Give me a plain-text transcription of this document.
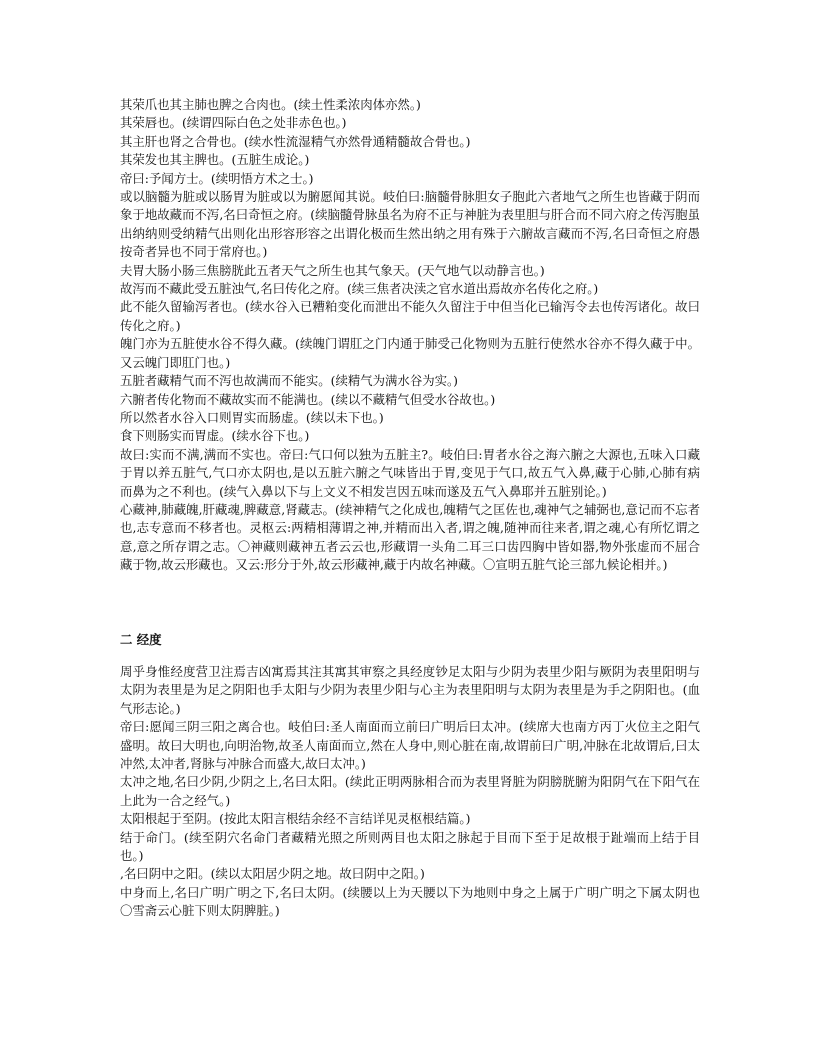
其荣爪也其主肺也脾之合肉也。(续土性柔浓肉体亦然。)

其荣唇也。(续谓四际白色之处非赤色也。)

其主肝也肾之合骨也。(续水性流湿精气亦然骨通精髓故合骨也。)

其荣发也其主脾也。(五脏生成论。)

帝曰:予闻方士。(续明悟方术之士。)

或以脑髓为脏或以肠胃为脏或以为腑愿闻其说。岐伯曰:脑髓骨脉胆女子胞此六者地气之所生也皆藏于阴而象于地故藏而不泻,名曰奇恒之府。(续脑髓骨脉虽名为府不正与神脏为表里胆与肝合而不同六府之传泻胞虽出纳纳则受纳精气出则化出形容形容之出谓化极而生然出纳之用有殊于六腑故言藏而不泻,名曰奇恒之府愚按奇者异也不同于常府也。)

夫胃大肠小肠三焦膀胱此五者天气之所生也其气象天。(天气地气以动静言也。)

故泻而不藏此受五脏浊气,名曰传化之府。(续三焦者决渎之官水道出焉故亦名传化之府。)

此不能久留输泻者也。(续水谷入已糟粕变化而泄出不能久久留注于中但当化已输泻令去也传泻诸化。故曰传化之府。)

魄门亦为五脏使水谷不得久藏。(续魄门谓肛之门内通于肺受己化物则为五脏行使然水谷亦不得久藏于中。又云魄门即肛门也。)

五脏者藏精气而不泻也故满而不能实。(续精气为满水谷为实。)

六腑者传化物而不藏故实而不能满也。(续以不藏精气但受水谷故也。)

所以然者水谷入口则胃实而肠虚。(续以未下也。)

食下则肠实而胃虚。(续水谷下也。)

故曰:实而不满,满而不实也。帝曰:气口何以独为五脏主?。岐伯曰:胃者水谷之海六腑之大源也,五味入口藏于胃以养五脏气,气口亦太阴也,是以五脏六腑之气味皆出于胃,变见于气口,故五气入鼻,藏于心肺,心肺有病而鼻为之不利也。(续气入鼻以下与上文义不相发岂因五味而遂及五气入鼻耶并五脏别论。)

心藏神,肺藏魄,肝藏魂,脾藏意,肾藏志。(续神精气之化成也,魄精气之匡佐也,魂神气之辅弼也,意记而不忘者也,志专意而不移者也。灵枢云:两精相薄谓之神,并精而出入者,谓之魄,随神而往来者,谓之魂,心有所忆谓之意,意之所存谓之志。〇神藏则藏神五者云云也,形藏谓一头角二耳三口齿四胸中皆如器,物外张虚而不屈合藏于物,故云形藏也。又云:形分于外,故云形藏神,藏于内故名神藏。〇宣明五脏气论三部九候论相并。)

二 经度

周乎身惟经度营卫注焉吉凶寓焉其注其寓其审察之具经度钞足太阳与少阴为表里少阳与厥阴为表里阳明与太阴为表里是为足之阴阳也手太阳与少阴为表里少阳与心主为表里阳明与太阴为表里是为手之阴阳也。(血气形志论。)

帝曰:愿闻三阴三阳之离合也。岐伯曰:圣人南面而立前曰广明后曰太冲。(续席大也南方丙丁火位主之阳气盛明。故曰大明也,向明治物,故圣人南面而立,然在人身中,则心脏在南,故谓前曰广明,冲脉在北故谓后,曰太冲然,太冲者,肾脉与冲脉合而盛大,故曰太冲。)

太冲之地,名曰少阴,少阴之上,名曰太阳。(续此正明两脉相合而为表里肾脏为阴膀胱腑为阳阴气在下阳气在上此为一合之经气。)

太阳根起于至阴。(按此太阳言根结余经不言结详见灵枢根结篇。)

结于命门。(续至阴穴名命门者藏精光照之所则两目也太阳之脉起于目而下至于足故根于趾端而上结于目也。)

,名曰阴中之阳。(续以太阳居少阴之地。故曰阴中之阳。)

中身而上,名曰广明广明之下,名曰太阴。(续腰以上为天腰以下为地则中身之上属于广明广明之下属太阴也〇雪斋云心脏下则太阴脾脏。)
